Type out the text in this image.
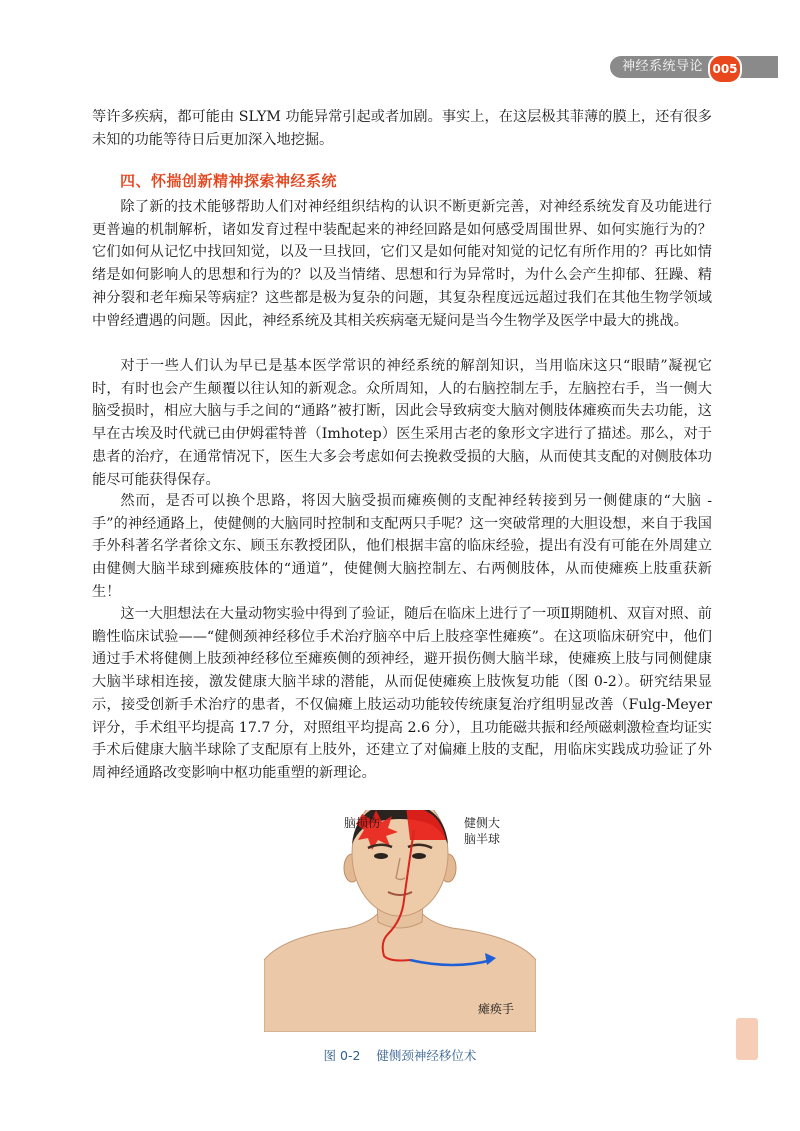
神经系统导论 005

等许多疾病，都可能由 SLYM 功能异常引起或者加剧。事实上，在这层极其菲薄的膜上，还有很多未知的功能等待日后更加深入地挖掘。

四、怀揣创新精神探索神经系统

除了新的技术能够帮助人们对神经组织结构的认识不断更新完善，对神经系统发育及功能进行更普遍的机制解析，诸如发育过程中装配起来的神经回路是如何感受周围世界、如何实施行为的？它们如何从记忆中找回知觉，以及一旦找回，它们又是如何能对知觉的记忆有所作用的？再比如情绪是如何影响人的思想和行为的？以及当情绪、思想和行为异常时，为什么会产生抑郁、狂躁、精神分裂和老年痴呆等病症？这些都是极为复杂的问题，其复杂程度远远超过我们在其他生物学领域中曾经遭遇的问题。因此，神经系统及其相关疾病毫无疑问是当今生物学及医学中最大的挑战。

对于一些人们认为早已是基本医学常识的神经系统的解剖知识，当用临床这只“眼睛”凝视它时，有时也会产生颠覆以往认知的新观念。众所周知，人的右脑控制左手，左脑控右手，当一侧大脑受损时，相应大脑与手之间的“通路”被打断，因此会导致病变大脑对侧肢体瘫痪而失去功能，这早在古埃及时代就已由伊姆霍特普（Imhotep）医生采用古老的象形文字进行了描述。那么，对于患者的治疗，在通常情况下，医生大多会考虑如何去挽救受损的大脑，从而使其支配的对侧肢体功能尽可能获得保存。

然而，是否可以换个思路，将因大脑受损而瘫痪侧的支配神经转接到另一侧健康的“大脑 - 手”的神经通路上，使健侧的大脑同时控制和支配两只手呢？这一突破常理的大胆设想，来自于我国手外科著名学者徐文东、顾玉东教授团队，他们根据丰富的临床经验，提出有没有可能在外周建立由健侧大脑半球到瘫痪肢体的“通道”，使健侧大脑控制左、右两侧肢体，从而使瘫痪上肢重获新生！

这一大胆想法在大量动物实验中得到了验证，随后在临床上进行了一项Ⅱ期随机、双盲对照、前瞻性临床试验——“健侧颈神经移位手术治疗脑卒中后上肢痉挛性瘫痪”。在这项临床研究中，他们通过手术将健侧上肢颈神经移位至瘫痪侧的颈神经，避开损伤侧大脑半球，使瘫痪上肢与同侧健康大脑半球相连接，激发健康大脑半球的潜能，从而促使瘫痪上肢恢复功能（图 0-2）。研究结果显示，接受创新手术治疗的患者，不仅偏瘫上肢运动功能较传统康复治疗组明显改善（Fulg-Meyer 评分，手术组平均提高 17.7 分，对照组平均提高 2.6 分），且功能磁共振和经颅磁刺激检查均证实手术后健康大脑半球除了支配原有上肢外，还建立了对偏瘫上肢的支配，用临床实践成功验证了外周神经通路改变影响中枢功能重塑的新理论。

脑损伤	健侧大
脑半球
瘫痪手
图 0-2 健侧颈神经移位术
